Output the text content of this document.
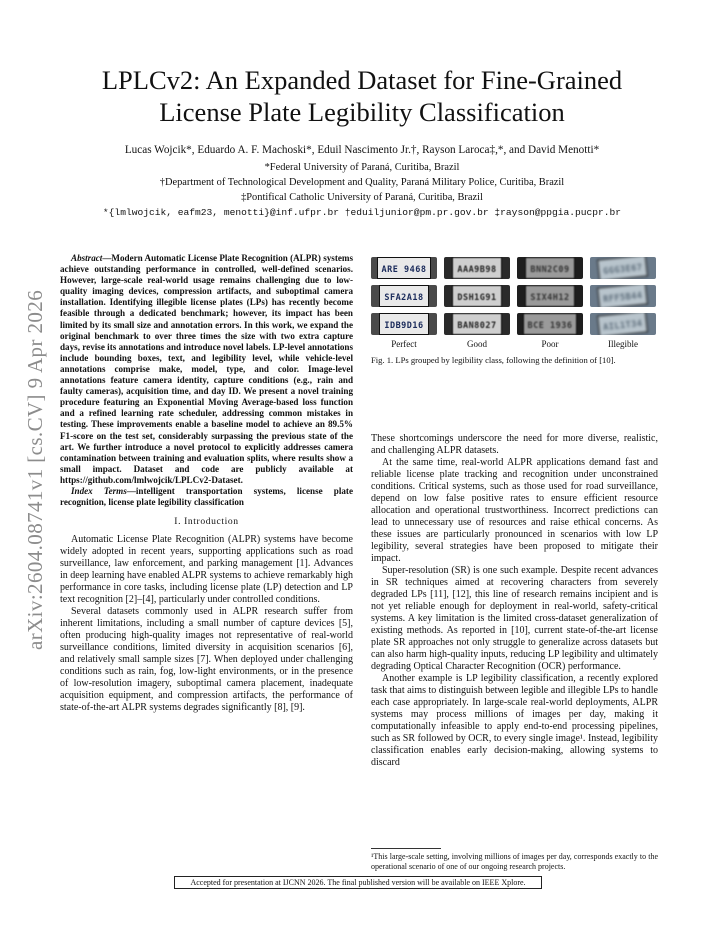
arXiv:2604.08741v1 [cs.CV] 9 Apr 2026
LPLCv2: An Expanded Dataset for Fine-Grained
License Plate Legibility Classification
Lucas Wojcik*, Eduardo A. F. Machoski*, Eduil Nascimento Jr.†, Rayson Laroca‡,*, and David Menotti*
*Federal University of Paraná, Curitiba, Brazil
†Department of Technological Development and Quality, Paraná Military Police, Curitiba, Brazil
‡Pontifical Catholic University of Paraná, Curitiba, Brazil
*{lmlwojcik, eafm23, menotti}@inf.ufpr.br †eduiljunior@pm.pr.gov.br ‡rayson@ppgia.pucpr.br

Abstract—Modern Automatic License Plate Recognition (ALPR) systems achieve outstanding performance in controlled, well-defined scenarios. However, large-scale real-world usage remains challenging due to low-quality imaging devices, compression artifacts, and suboptimal camera installation. Identifying illegible license plates (LPs) has recently become feasible through a dedicated benchmark; however, its impact has been limited by its small size and annotation errors. In this work, we expand the original benchmark to over three times the size with two extra capture days, revise its annotations and introduce novel labels. LP-level annotations include bounding boxes, text, and legibility level, while vehicle-level annotations comprise make, model, type, and color. Image-level annotations feature camera identity, capture conditions (e.g., rain and faulty cameras), acquisition time, and day ID. We present a novel training procedure featuring an Exponential Moving Average-based loss function and a refined learning rate scheduler, addressing common mistakes in testing. These improvements enable a baseline model to achieve an 89.5% F1-score on the test set, considerably surpassing the previous state of the art. We further introduce a novel protocol to explicitly addresses camera contamination between training and evaluation splits, where results show a small impact. Dataset and code are publicly available at https://github.com/lmlwojcik/LPLCv2-Dataset.

Index Terms—intelligent transportation systems, license plate recognition, license plate legibility classification

I. Introduction

Automatic License Plate Recognition (ALPR) systems have become widely adopted in recent years, supporting applications such as road surveillance, law enforcement, and parking management [1]. Advances in deep learning have enabled ALPR systems to achieve remarkably high performance in core tasks, including license plate (LP) detection and LP text recognition [2]–[4], particularly under controlled conditions.

Several datasets commonly used in ALPR research suffer from inherent limitations, including a small number of capture devices [5], often producing high-quality images not representative of real-world surveillance conditions, limited diversity in acquisition scenarios [6], and relatively small sample sizes [7]. When deployed under challenging conditions such as rain, fog, low-light environments, or in the presence of low-resolution imagery, suboptimal camera placement, inadequate acquisition equipment, and compression artifacts, the performance of state-of-the-art ALPR systems degrades significantly [8], [9].

ARE 9468	AAA9B98	BNN2C09	GGG3E67
SFA2A18	DSH1G91	SIX4H12	RFF5B44
IDB9D16	BAN8027	BCE 1936	AIL1T34
Perfect	Good	Poor	Illegible
Fig. 1. LPs grouped by legibility class, following the definition of [10].

These shortcomings underscore the need for more diverse, realistic, and challenging ALPR datasets.

At the same time, real-world ALPR applications demand fast and reliable license plate tracking and recognition under unconstrained conditions. Critical systems, such as those used for road surveillance, depend on low false positive rates to ensure efficient resource allocation and operational trustworthiness. Incorrect predictions can lead to unnecessary use of resources and raise ethical concerns. As these issues are particularly pronounced in scenarios with low LP legibility, several strategies have been proposed to mitigate their impact.

Super-resolution (SR) is one such example. Despite recent advances in SR techniques aimed at recovering characters from severely degraded LPs [11], [12], this line of research remains incipient and is not yet reliable enough for deployment in real-world, safety-critical systems. A key limitation is the limited cross-dataset generalization of existing methods. As reported in [10], current state-of-the-art license plate SR approaches not only struggle to generalize across datasets but can also harm high-quality inputs, reducing LP legibility and ultimately degrading Optical Character Recognition (OCR) performance.

Another example is LP legibility classification, a recently explored task that aims to distinguish between legible and illegible LPs to handle each case appropriately. In large-scale real-world deployments, ALPR systems may process millions of images per day, making it computationally infeasible to apply end-to-end processing pipelines, such as SR followed by OCR, to every single image¹. Instead, legibility classification enables early decision-making, allowing systems to discard

¹This large-scale setting, involving millions of images per day, corresponds exactly to the operational scenario of one of our ongoing research projects.
Accepted for presentation at IJCNN 2026. The final published version will be available on IEEE Xplore.
